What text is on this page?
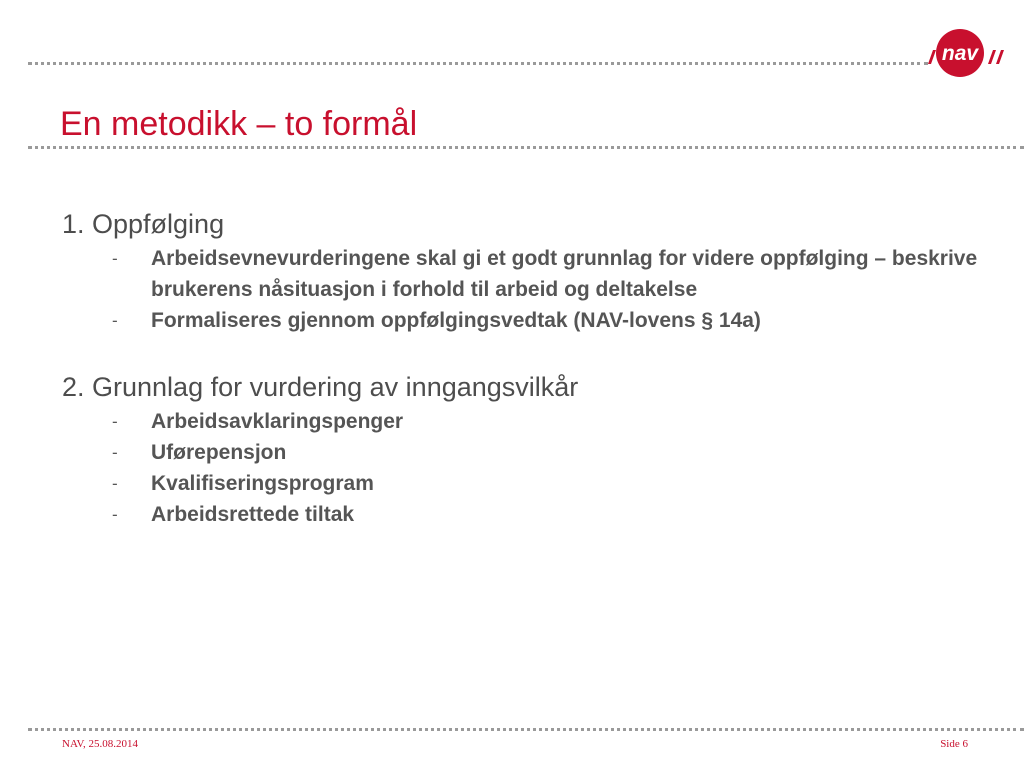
nav
En metodikk – to formål
1. Oppfølging
- Arbeidsevnevurderingene skal gi et godt grunnlag for videre oppfølging – beskrive brukerens nåsituasjon i forhold til arbeid og deltakelse
- Formaliseres gjennom oppfølgingsvedtak (NAV-lovens § 14a)
2. Grunnlag for vurdering av inngangsvilkår
- Arbeidsavklaringspenger
- Uførepensjon
- Kvalifiseringsprogram
- Arbeidsrettede tiltak
NAV, 25.08.2014	Side 6
